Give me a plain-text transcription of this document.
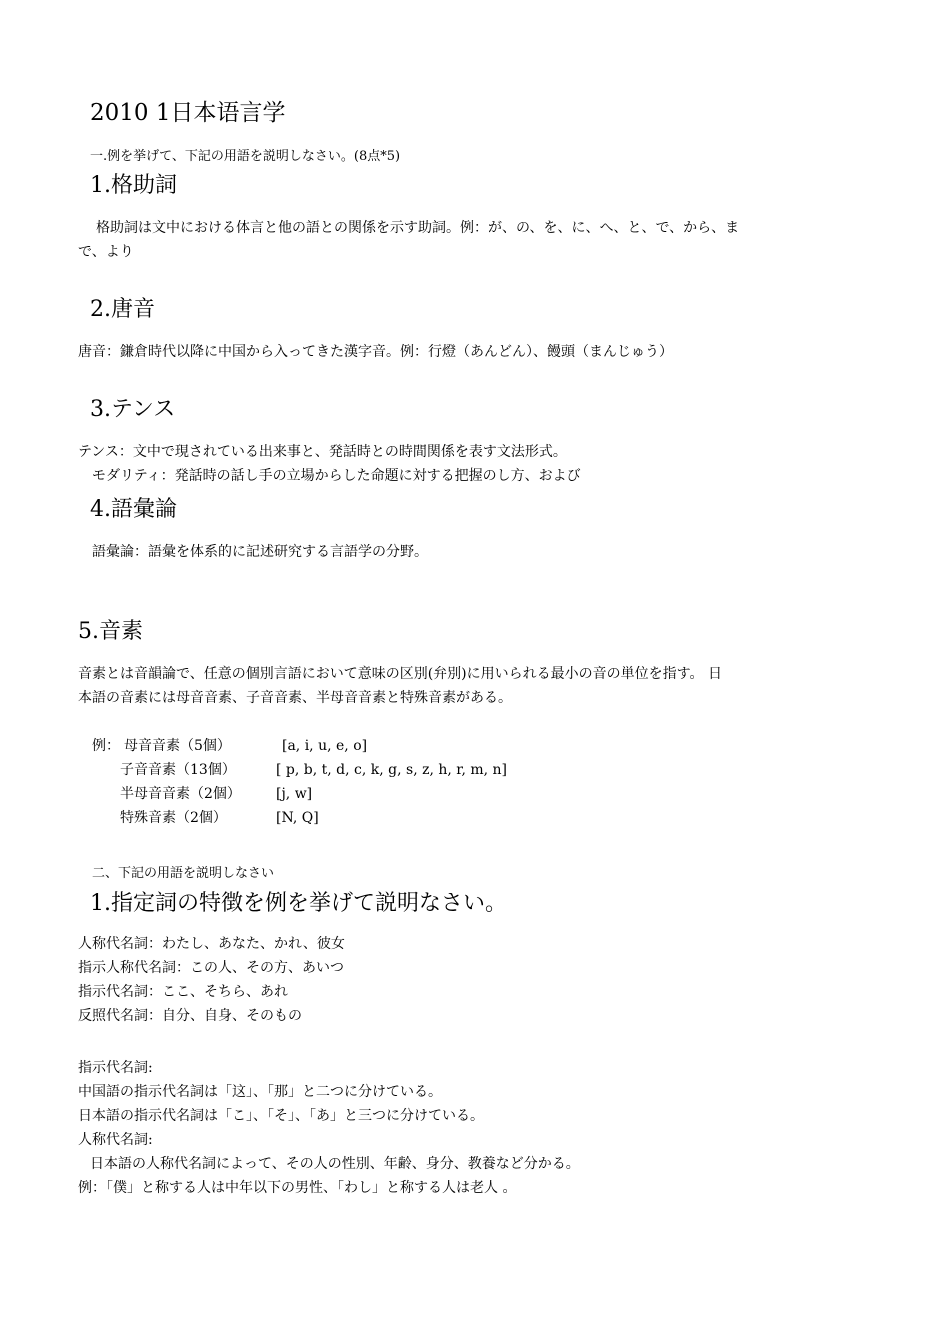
2010 1日本语言学
一.例を挙げて、下記の用語を説明しなさい。(8点*5)
1.格助詞
格助詞は文中における体言と他の語との関係を示す助詞。例：が、の、を、に、へ、と、で、から、ま
で、より
2.唐音
唐音：鎌倉時代以降に中国から入ってきた漢字音。例：行燈（あんどん）、饅頭（まんじゅう）
3.テンス
テンス：文中で現されている出来事と、発話時との時間関係を表す文法形式。
モダリティ：発話時の話し手の立場からした命題に対する把握のし方、および
4.語彙論
語彙論：語彙を体系的に記述研究する言語学の分野。
5.音素
音素とは音韻論で、任意の個別言語において意味の区別(弁別)に用いられる最小の音の単位を指す。 日
本語の音素には母音音素、子音音素、半母音音素と特殊音素がある。
例： 母音音素（5個）	[a, i, u, e, o]
子音音素（13個）	[ p, b, t, d, c, k, g, s, z, h, r, m, n]
半母音音素（2個）	[j, w]
特殊音素（2個）	[N, Q]
二、下記の用語を説明しなさい
1.指定詞の特徴を例を挙げて説明なさい。
人称代名詞：わたし、あなた、かれ、彼女
指示人称代名詞：この人、その方、あいつ
指示代名詞：ここ、そちら、あれ
反照代名詞：自分、自身、そのもの
指示代名詞:
中国語の指示代名詞は「这」、「那」と二つに分けている。
日本語の指示代名詞は「こ」、「そ」、「あ」と三つに分けている。
人称代名詞:
日本語の人称代名詞によって、その人の性別、年齢、身分、教養など分かる。
例：「僕」と称する人は中年以下の男性、「わし」と称する人は老人 。
